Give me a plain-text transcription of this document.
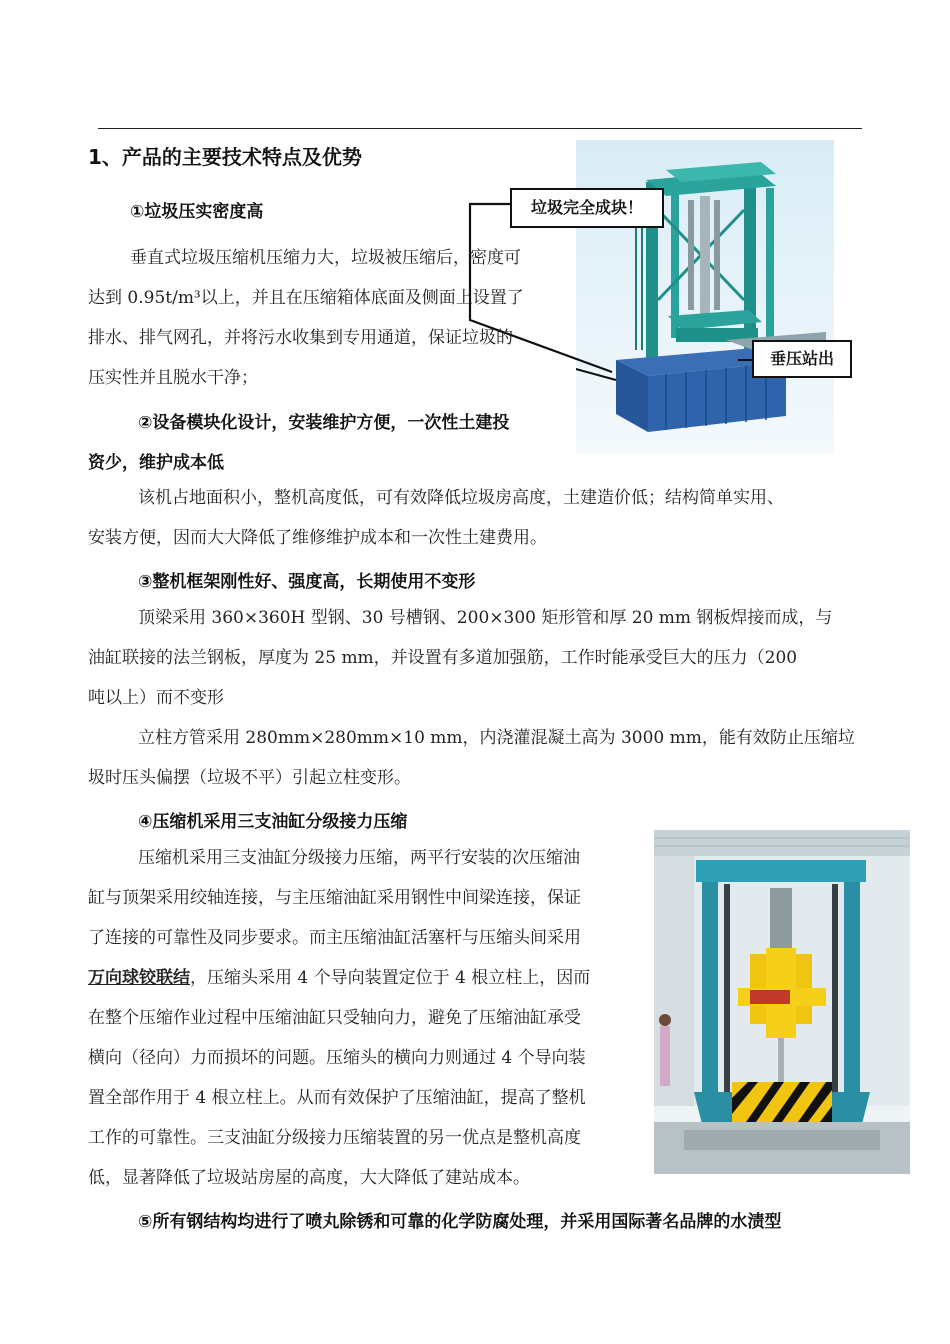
1、产品的主要技术特点及优势
①垃圾压实密度高
垂直式垃圾压缩机压缩力大，垃圾被压缩后，密度可
达到 0.95t/m³以上，并且在压缩箱体底面及侧面上设置了
排水、排气网孔，并将污水收集到专用通道，保证垃圾的
压实性并且脱水干净；
②设备模块化设计，安装维护方便，一次性土建投
资少，维护成本低
该机占地面积小，整机高度低，可有效降低垃圾房高度，土建造价低；结构简单实用、
安装方便，因而大大降低了维修维护成本和一次性土建费用。
③整机框架刚性好、强度高，长期使用不变形
顶梁采用 360×360H 型钢、30 号槽钢、200×300 矩形管和厚 20 mm 钢板焊接而成，与
油缸联接的法兰钢板，厚度为 25 mm，并设置有多道加强筋，工作时能承受巨大的压力（200
吨以上）而不变形
立柱方管采用 280mm×280mm×10 mm，内浇灌混凝土高为 3000 mm，能有效防止压缩垃
圾时压头偏摆（垃圾不平）引起立柱变形。
④压缩机采用三支油缸分级接力压缩
压缩机采用三支油缸分级接力压缩，两平行安装的次压缩油
缸与顶架采用绞轴连接，与主压缩油缸采用钢性中间梁连接，保证
了连接的可靠性及同步要求。而主压缩油缸活塞杆与压缩头间采用
万向球铰联结，压缩头采用 4 个导向装置定位于 4 根立柱上，因而
在整个压缩作业过程中压缩油缸只受轴向力，避免了压缩油缸承受
横向（径向）力而损坏的问题。压缩头的横向力则通过 4 个导向装
置全部作用于 4 根立柱上。从而有效保护了压缩油缸，提高了整机
工作的可靠性。三支油缸分级接力压缩装置的另一优点是整机高度
低，显著降低了垃圾站房屋的高度，大大降低了建站成本。
⑤所有钢结构均进行了喷丸除锈和可靠的化学防腐处理，并采用国际著名品牌的水渍型
垃圾完全成块！
垂压站出
